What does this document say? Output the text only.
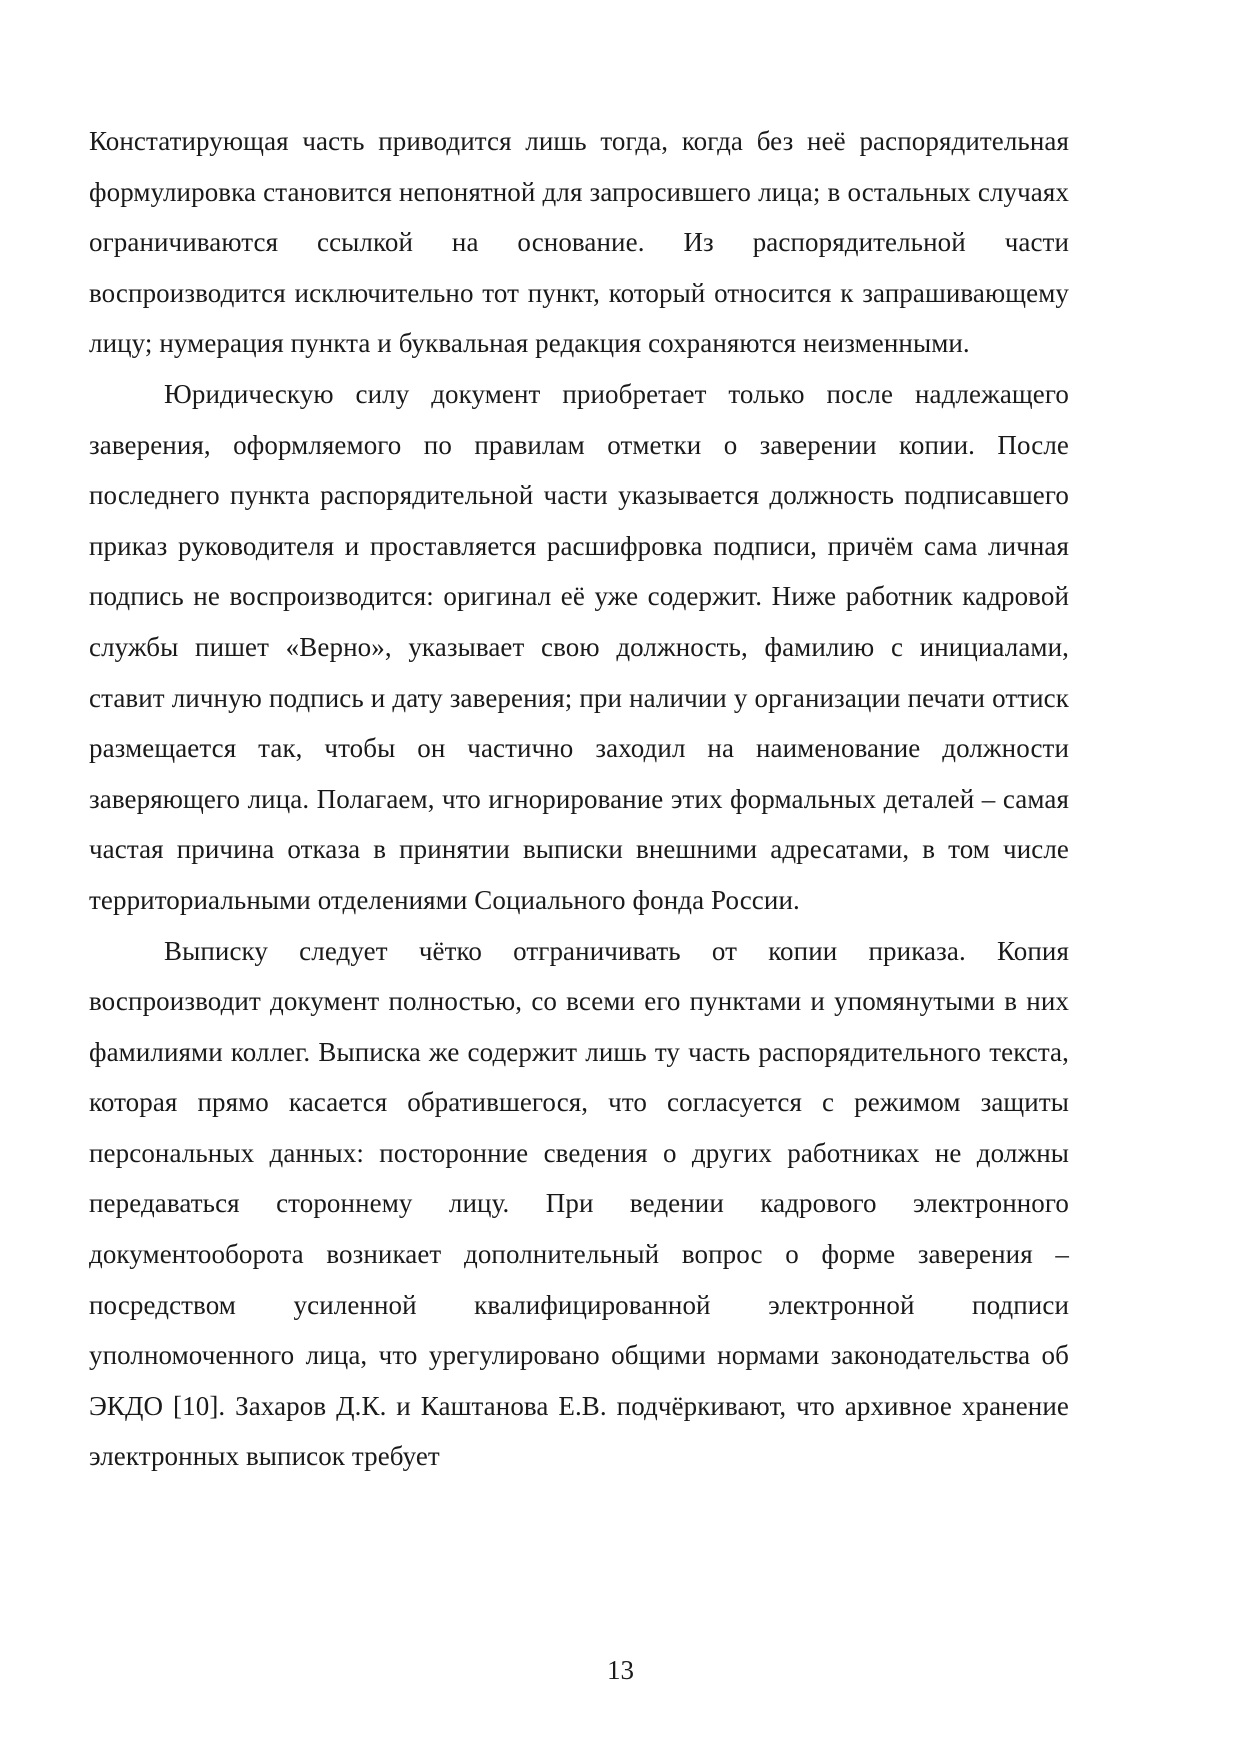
Констатирующая часть приводится лишь тогда, когда без неё распорядительная формулировка становится непонятной для запросившего лица; в остальных случаях ограничиваются ссылкой на основание. Из распорядительной части воспроизводится исключительно тот пункт, который относится к запрашивающему лицу; нумерация пункта и буквальная редакция сохраняются неизменными.

Юридическую силу документ приобретает только после надлежащего заверения, оформляемого по правилам отметки о заверении копии. После последнего пункта распорядительной части указывается должность подписавшего приказ руководителя и проставляется расшифровка подписи, причём сама личная подпись не воспроизводится: оригинал её уже содержит. Ниже работник кадровой службы пишет «Верно», указывает свою должность, фамилию с инициалами, ставит личную подпись и дату заверения; при наличии у организации печати оттиск размещается так, чтобы он частично заходил на наименование должности заверяющего лица. Полагаем, что игнорирование этих формальных деталей – самая частая причина отказа в принятии выписки внешними адресатами, в том числе территориальными отделениями Социального фонда России.

Выписку следует чётко отграничивать от копии приказа. Копия воспроизводит документ полностью, со всеми его пунктами и упомянутыми в них фамилиями коллег. Выписка же содержит лишь ту часть распорядительного текста, которая прямо касается обратившегося, что согласуется с режимом защиты персональных данных: посторонние сведения о других работниках не должны передаваться стороннему лицу. При ведении кадрового электронного документооборота возникает дополнительный вопрос о форме заверения – посредством усиленной квалифицированной электронной подписи уполномоченного лица, что урегулировано общими нормами законодательства об ЭКДО [10]. Захаров Д.К. и Каштанова Е.В. подчёркивают, что архивное хранение электронных выписок требует

13
